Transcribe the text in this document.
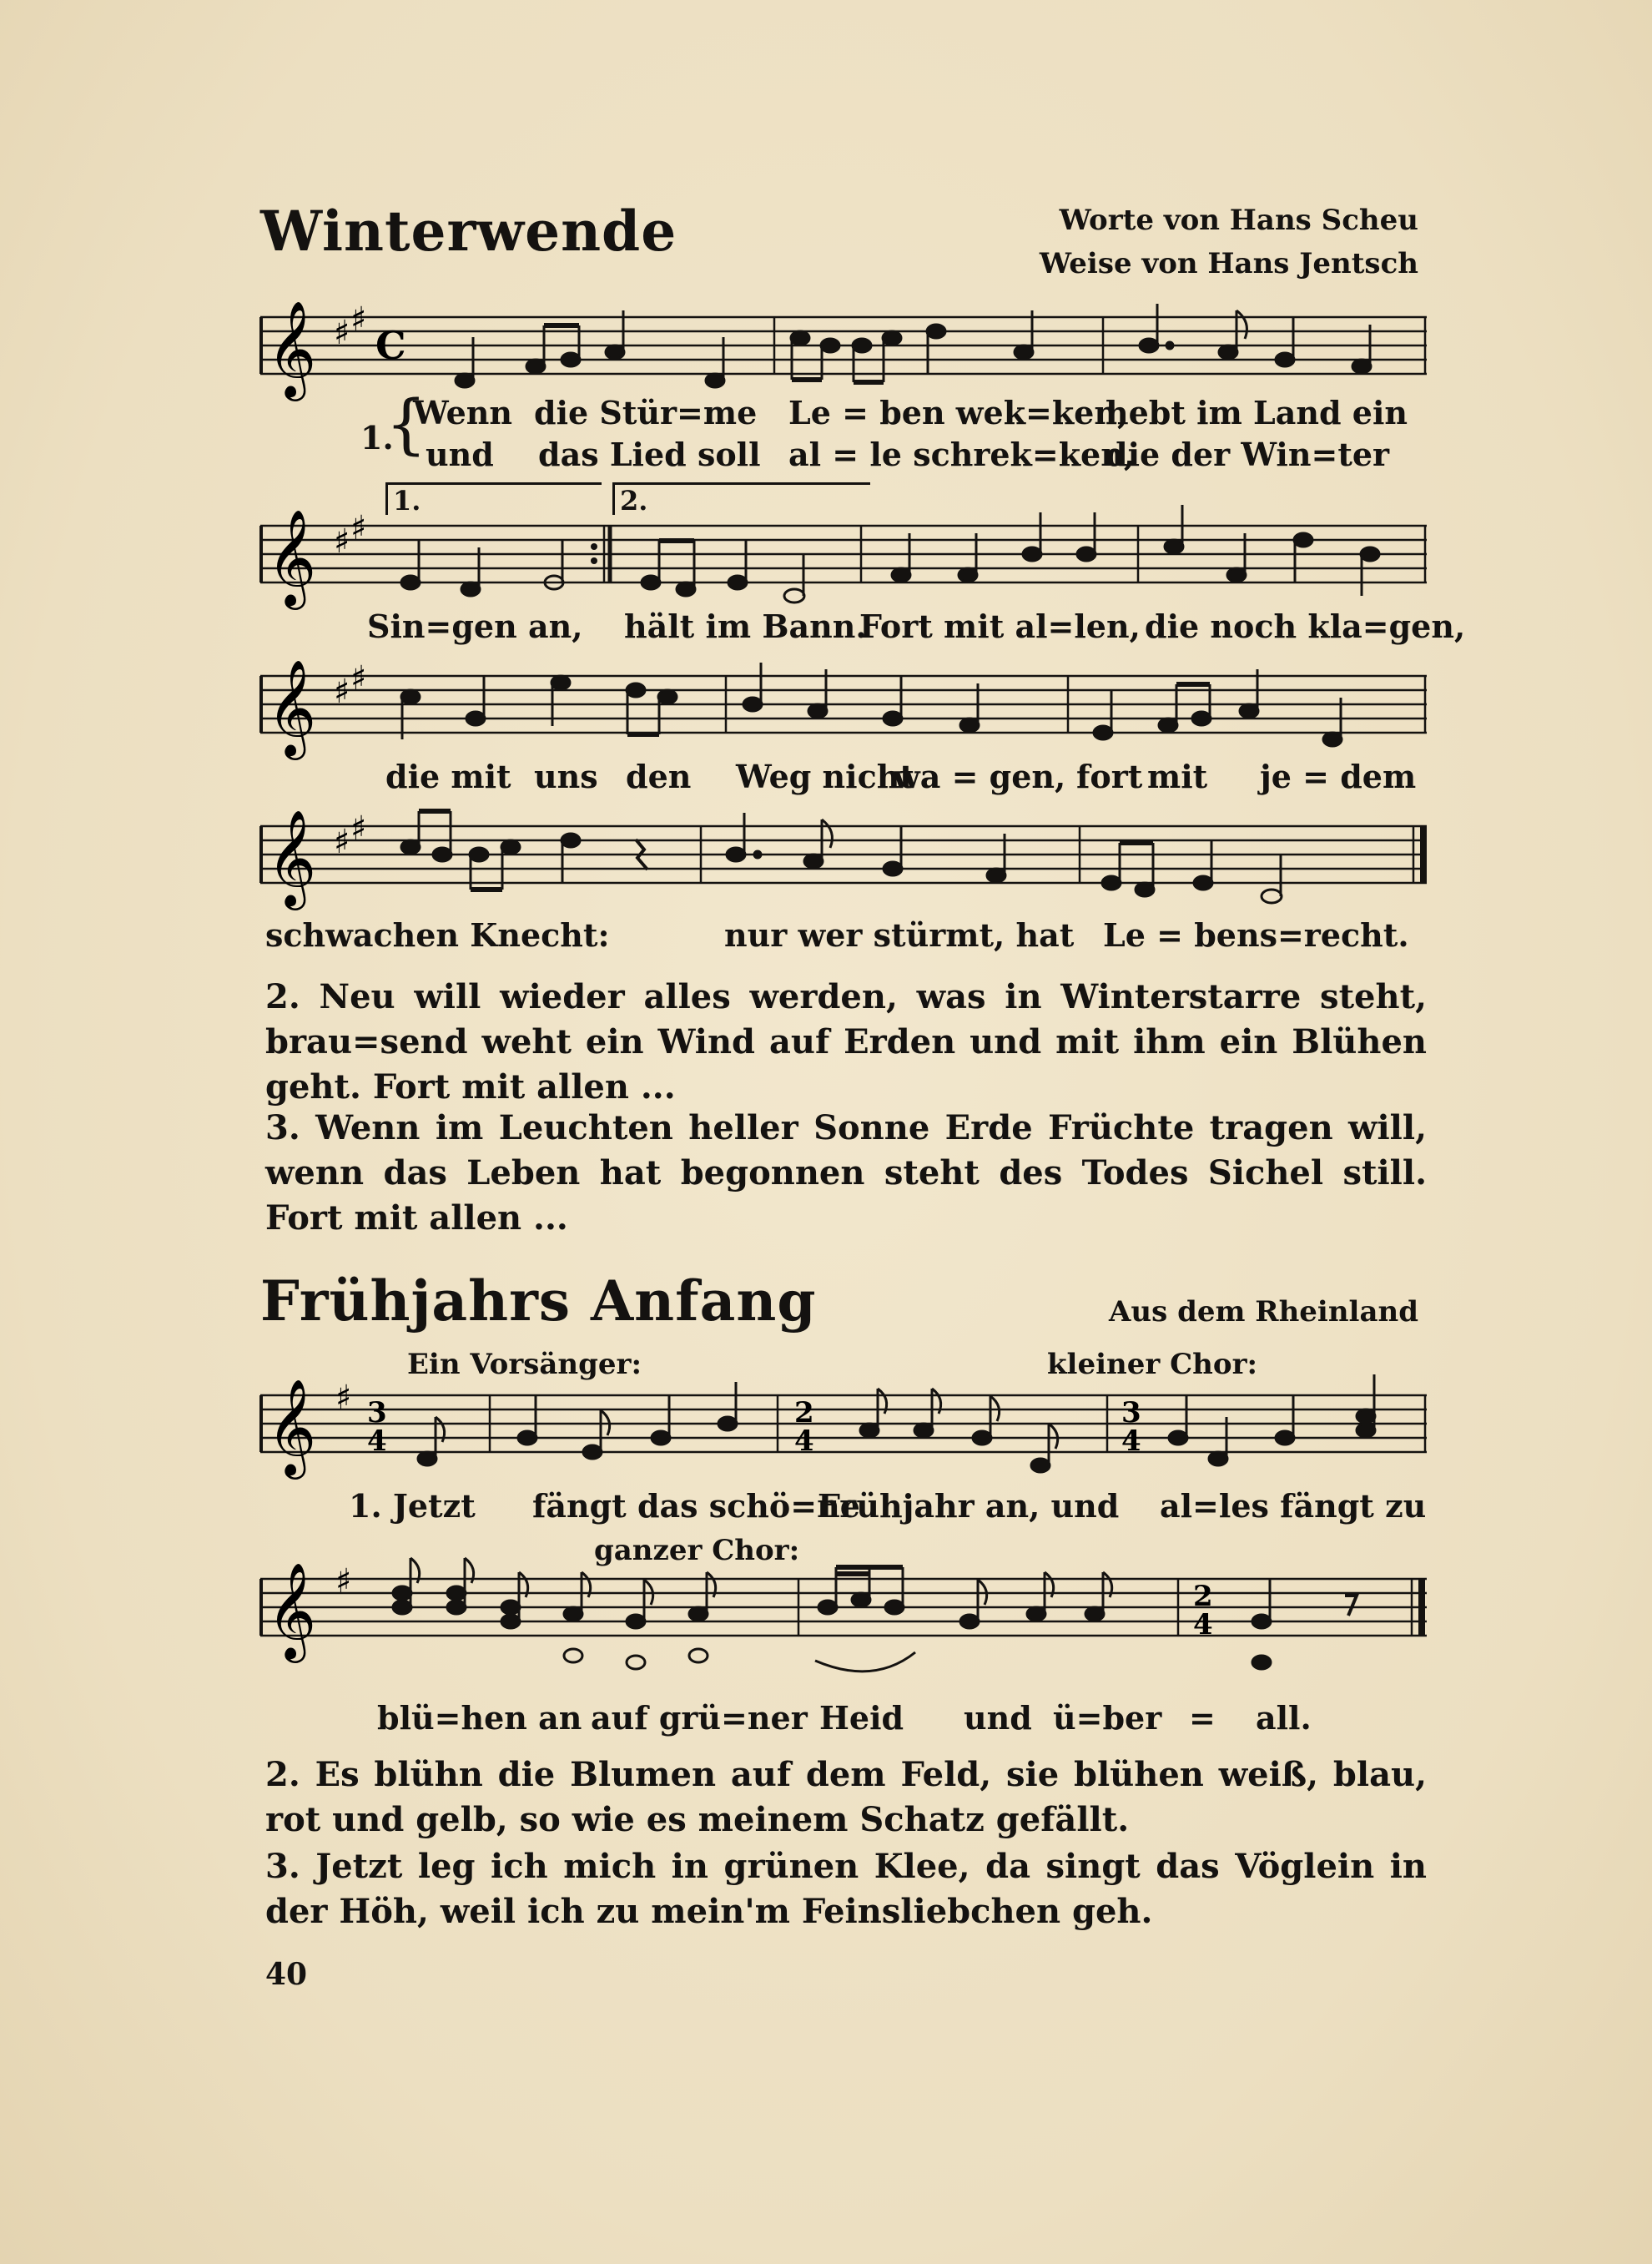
Winterwende	Worte von Hans Scheu
Weise von Hans Jentsch
𝄞 ♯ ♯
C
{
1.
Wenn die Stür=me Le = ben wek=ken,
hebt im Land ein
und das Lied soll al = le schrek=ken,
die der Win=ter
1.	2.
𝄞 ♯ ♯
Sin=gen an, hält im Bann.
Fort mit al=len, die noch kla=gen,
𝄞 ♯ ♯
die mit uns den Weg nicht
wa = gen, fort mit je = dem
𝄞 ♯ ♯
schwachen Knecht:	nur wer stürmt, hat Le = bens=recht.
2. Neu will wieder alles werden, was in Winterstarre steht, brau=send weht ein Wind auf Erden und mit ihm ein Blühen geht. Fort mit allen ...
3. Wenn im Leuchten heller Sonne Erde Früchte tragen will, wenn das Leben hat begonnen steht des Todes Sichel still. Fort mit allen ...
Frühjahrs Anfang	Aus dem Rheinland
Ein Vorsänger:	kleiner Chor:
𝄞 ♯ 3
4
2
4
3
4
1. Jetzt fängt das schö=ne
Frühjahr an, und al=les fängt zu
ganzer Chor:
𝄞 ♯	2
4
blü=hen an auf grü=ner Heid und ü=ber = all.
2. Es blühn die Blumen auf dem Feld, sie blühen weiß, blau, rot und gelb, so wie es meinem Schatz gefällt.
3. Jetzt leg ich mich in grünen Klee, da singt das Vöglein in der Höh, weil ich zu mein'm Feinsliebchen geh.
40
